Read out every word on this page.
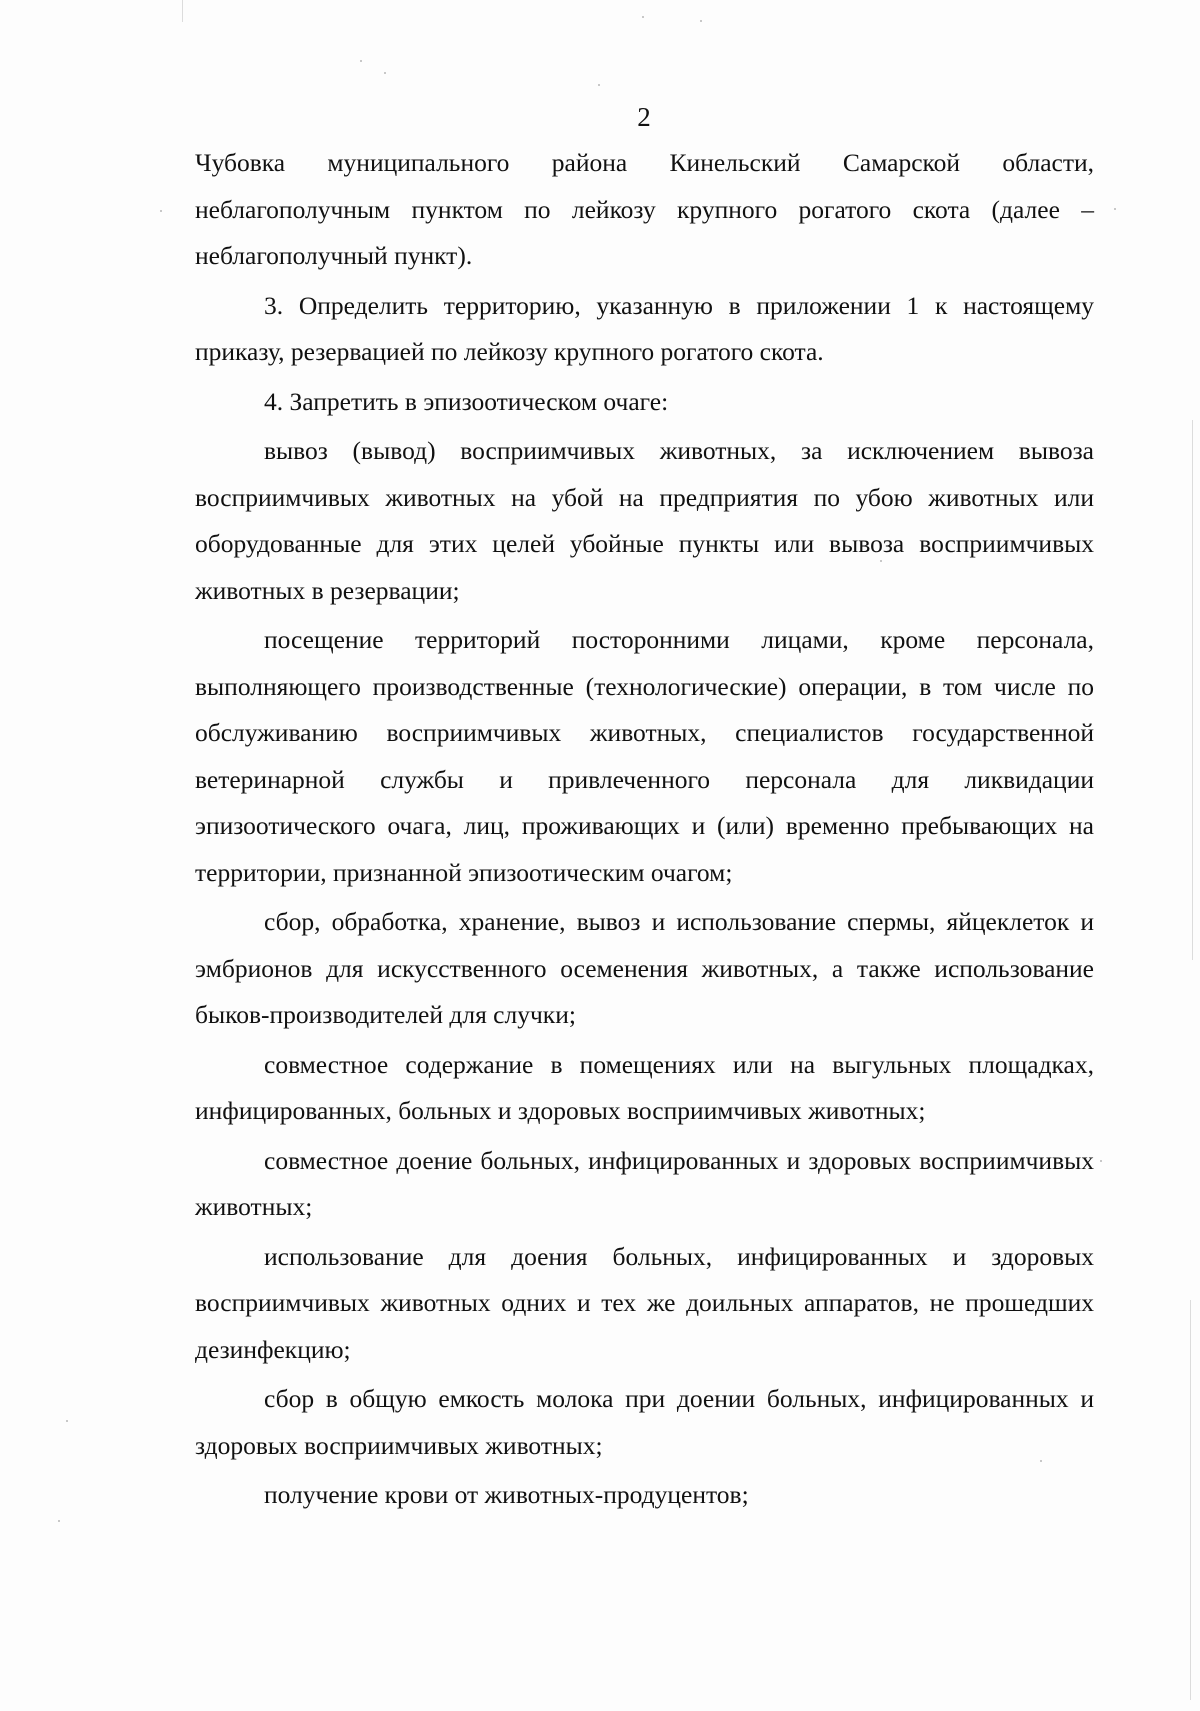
2

Чубовка муниципального района Кинельский Самарской области, неблагополучным пунктом по лейкозу крупного рогатого скота (далее – неблагополучный пункт).

3. Определить территорию, указанную в приложении 1 к настоящему приказу, резервацией по лейкозу крупного рогатого скота.

4. Запретить в эпизоотическом очаге:

вывоз (вывод) восприимчивых животных, за исключением вывоза восприимчивых животных на убой на предприятия по убою животных или оборудованные для этих целей убойные пункты или вывоза восприимчивых животных в резервации;

посещение территорий посторонними лицами, кроме персонала, выполняющего производственные (технологические) операции, в том числе по обслуживанию восприимчивых животных, специалистов государственной ветеринарной службы и привлеченного персонала для ликвидации эпизоотического очага, лиц, проживающих и (или) временно пребывающих на территории, признанной эпизоотическим очагом;

сбор, обработка, хранение, вывоз и использование спермы, яйцеклеток и эмбрионов для искусственного осеменения животных, а также использование быков-производителей для случки;

совместное содержание в помещениях или на выгульных площадках, инфицированных, больных и здоровых восприимчивых животных;

совместное доение больных, инфицированных и здоровых восприимчивых животных;

использование для доения больных, инфицированных и здоровых восприимчивых животных одних и тех же доильных аппаратов, не прошедших дезинфекцию;

сбор в общую емкость молока при доении больных, инфицированных и здоровых восприимчивых животных;

получение крови от животных-продуцентов;
